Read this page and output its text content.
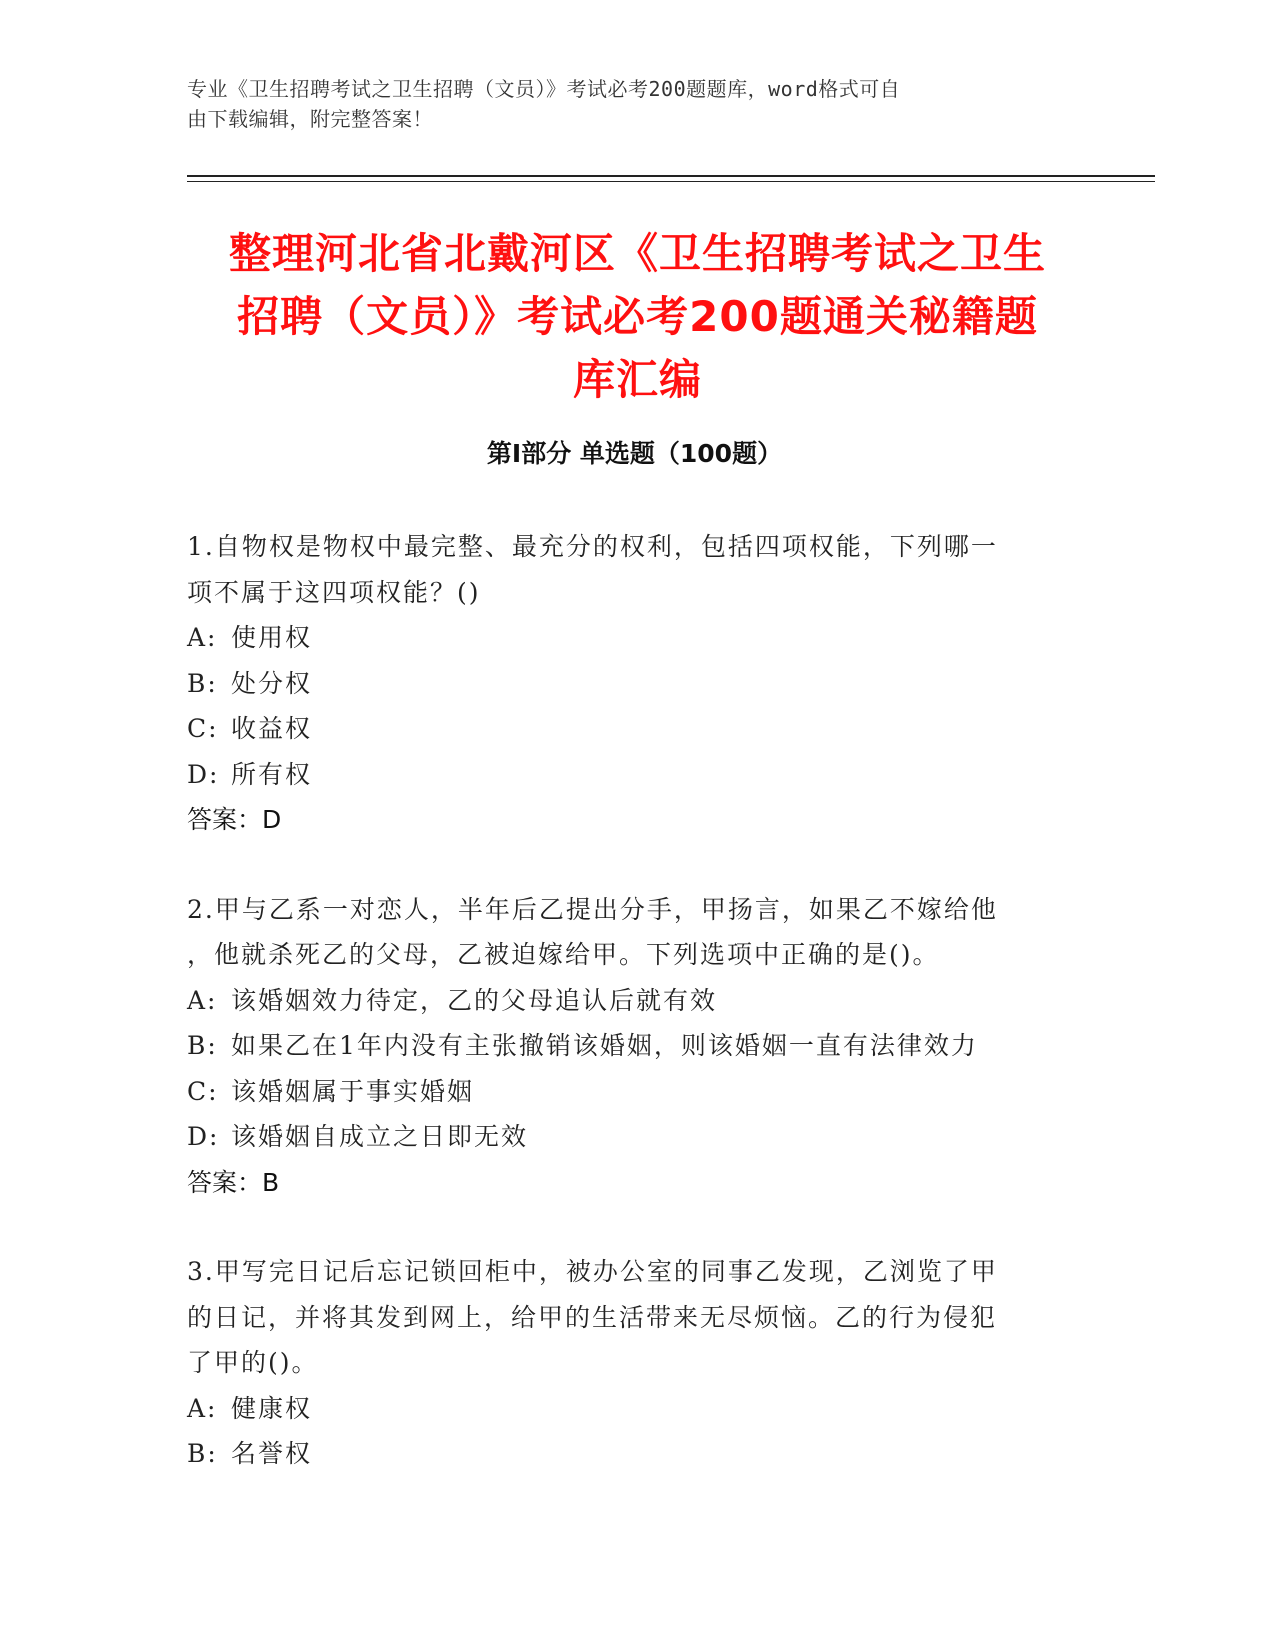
专业《卫生招聘考试之卫生招聘（文员）》考试必考200题题库，word格式可自
由下载编辑，附完整答案！
整理河北省北戴河区《卫生招聘考试之卫生
招聘（文员）》考试必考200题通关秘籍题
库汇编
第Ⅰ部分 单选题（100题）
1.自物权是物权中最完整、最充分的权利，包括四项权能，下列哪一
项不属于这四项权能？()
A: 使用权
B: 处分权
C: 收益权
D: 所有权
答案：D
2.甲与乙系一对恋人，半年后乙提出分手，甲扬言，如果乙不嫁给他
，他就杀死乙的父母，乙被迫嫁给甲。下列选项中正确的是()。
A: 该婚姻效力待定，乙的父母追认后就有效
B: 如果乙在1年内没有主张撤销该婚姻，则该婚姻一直有法律效力
C: 该婚姻属于事实婚姻
D: 该婚姻自成立之日即无效
答案：B
3.甲写完日记后忘记锁回柜中，被办公室的同事乙发现，乙浏览了甲
的日记，并将其发到网上，给甲的生活带来无尽烦恼。乙的行为侵犯
了甲的()。
A: 健康权
B: 名誉权
